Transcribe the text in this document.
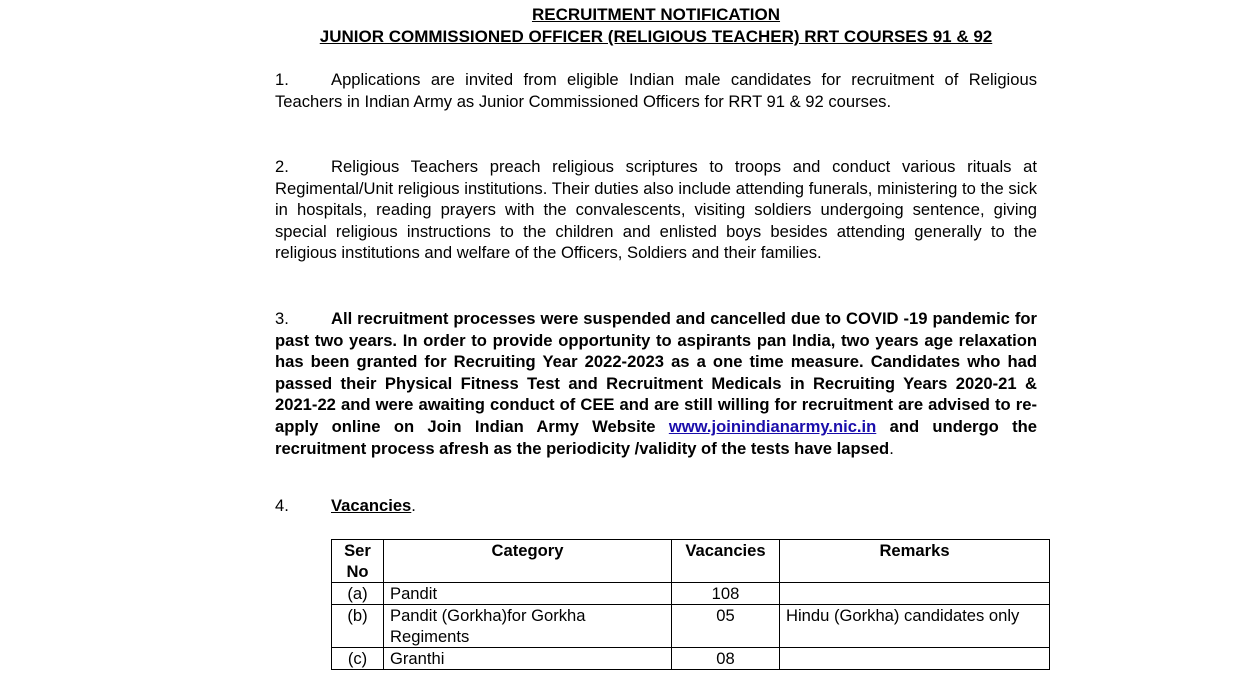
RECRUITMENT NOTIFICATION
JUNIOR COMMISSIONED OFFICER (RELIGIOUS TEACHER) RRT COURSES 91 & 92
1.	Applications are invited from eligible Indian male candidates for recruitment of Religious Teachers in Indian Army as Junior Commissioned Officers for RRT 91 & 92 courses.
2.	Religious Teachers preach religious scriptures to troops and conduct various rituals at Regimental/Unit religious institutions. Their duties also include attending funerals, ministering to the sick in hospitals, reading prayers with the convalescents, visiting soldiers undergoing sentence, giving special religious instructions to the children and enlisted boys besides attending generally to the religious institutions and welfare of the Officers, Soldiers and their families.
3.	All recruitment processes were suspended and cancelled due to COVID -19 pandemic for past two years. In order to provide opportunity to aspirants pan India, two years age relaxation has been granted for Recruiting Year 2022-2023 as a one time measure. Candidates who had passed their Physical Fitness Test and Recruitment Medicals in Recruiting Years 2020-21 & 2021-22 and were awaiting conduct of CEE and are still willing for recruitment are advised to re-apply online on Join Indian Army Website www.joinindianarmy.nic.in and undergo the recruitment process afresh as the periodicity /validity of the tests have lapsed.
4.	Vacancies.
Ser No	Category	Vacancies	Remarks
(a)	Pandit	108	
(b)	Pandit (Gorkha)for Gorkha Regiments	05	Hindu (Gorkha) candidates only
(c)	Granthi	08	
